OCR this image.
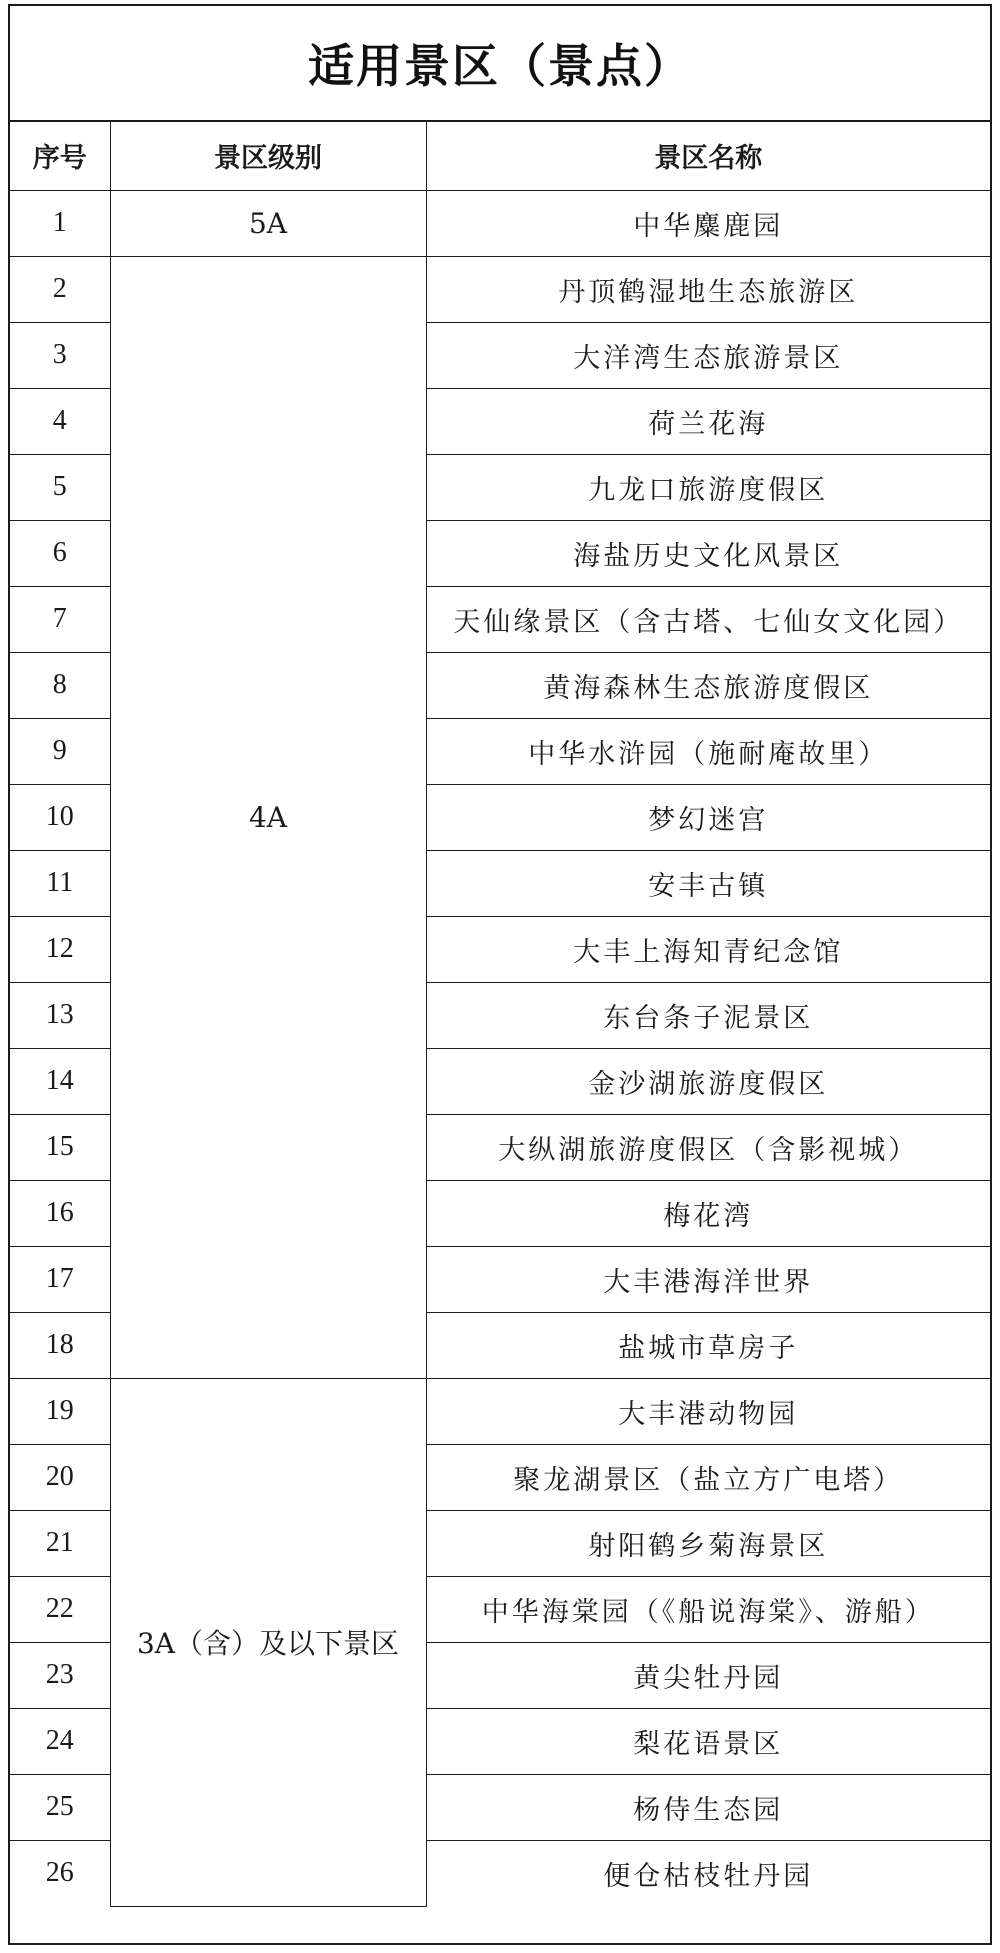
适用景区（景点）
序号	景区级别	景区名称
1	5A	中华麋鹿园
2	4A	丹顶鹤湿地生态旅游区
3		大洋湾生态旅游景区
4		荷兰花海
5		九龙口旅游度假区
6		海盐历史文化风景区
7		天仙缘景区（含古塔、七仙女文化园）
8		黄海森林生态旅游度假区
9		中华水浒园（施耐庵故里）
10		梦幻迷宫
11		安丰古镇
12		大丰上海知青纪念馆
13		东台条子泥景区
14		金沙湖旅游度假区
15		大纵湖旅游度假区（含影视城）
16		梅花湾
17		大丰港海洋世界
18		盐城市草房子
19	3A（含）及以下景区	大丰港动物园
20		聚龙湖景区（盐立方广电塔）
21		射阳鹤乡菊海景区
22		中华海棠园（《船说海棠》、游船）
23		黄尖牡丹园
24		梨花语景区
25		杨侍生态园
26		便仓枯枝牡丹园
